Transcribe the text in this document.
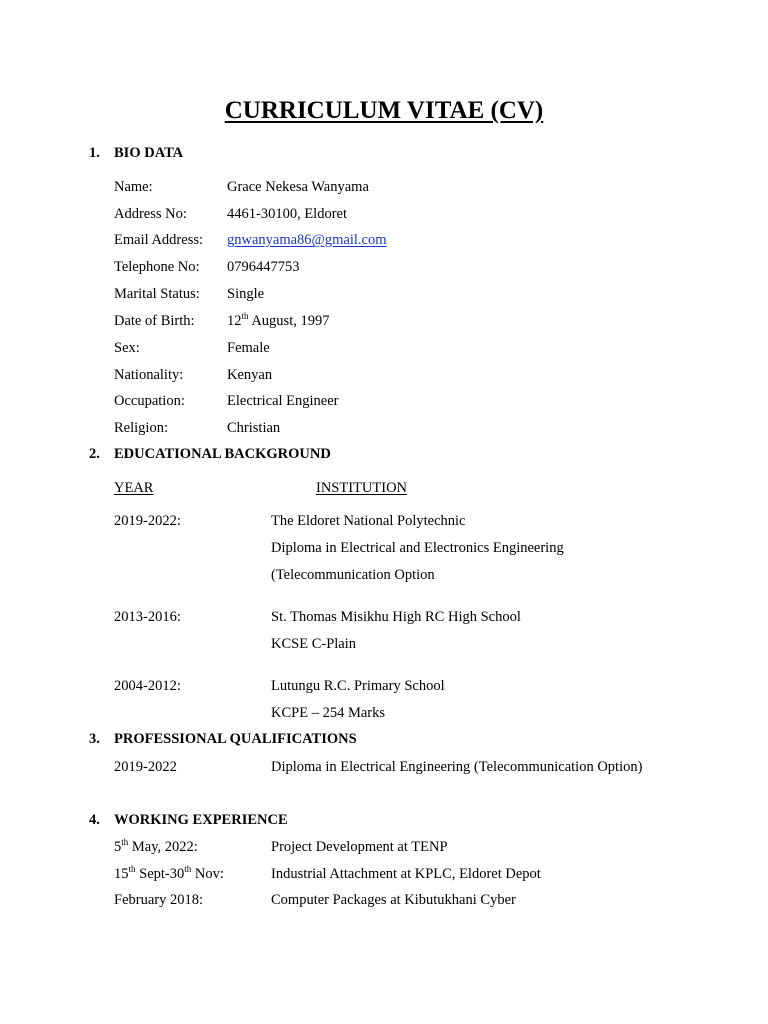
CURRICULUM VITAE (CV)
1. BIO DATA
Name:	Grace Nekesa Wanyama
Address No:	4461-30100, Eldoret
Email Address: gnwanyama86@gmail.com
Telephone No: 0796447753
Marital Status: Single
Date of Birth: 12th August, 1997
Sex:	Female
Nationality:	Kenyan
Occupation:	Electrical Engineer
Religion:	Christian
2. EDUCATIONAL BACKGROUND
YEAR	INSTITUTION
2019-2022:	The Eldoret National Polytechnic
Diploma in Electrical and Electronics Engineering
(Telecommunication Option
2013-2016:	St. Thomas Misikhu High RC High School
KCSE C-Plain
2004-2012:	Lutungu R.C. Primary School
KCPE – 254 Marks
3. PROFESSIONAL QUALIFICATIONS
2019-2022	Diploma in Electrical Engineering (Telecommunication Option)
4. WORKING EXPERIENCE
5th May, 2022:	Project Development at TENP
15th Sept-30th Nov:	Industrial Attachment at KPLC, Eldoret Depot
February 2018:	Computer Packages at Kibutukhani Cyber
